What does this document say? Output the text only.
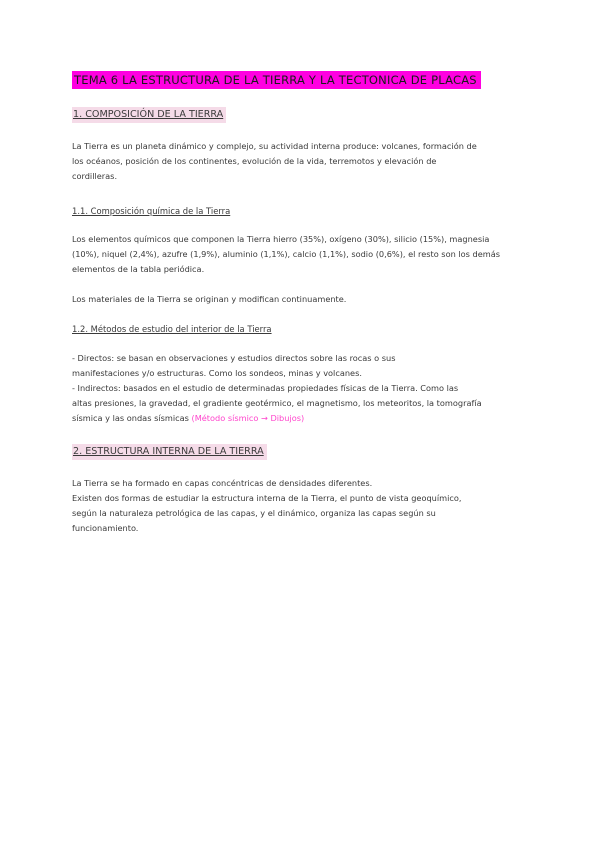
TEMA 6 LA ESTRUCTURA DE LA TIERRA Y LA TECTONICA DE PLACAS
1. COMPOSICIÓN DE LA TIERRA
La Tierra es un planeta dinámico y complejo, su actividad interna produce: volcanes, formación de
los océanos, posición de los continentes, evolución de la vida, terremotos y elevación de
cordilleras.
1.1. Composición química de la Tierra
Los elementos químicos que componen la Tierra hierro (35%), oxígeno (30%), silicio (15%), magnesia
(10%), niquel (2,4%), azufre (1,9%), aluminio (1,1%), calcio (1,1%), sodio (0,6%), el resto son los demás
elementos de la tabla periódica.
Los materiales de la Tierra se originan y modifican continuamente.
1.2. Métodos de estudio del interior de la Tierra
- Directos: se basan en observaciones y estudios directos sobre las rocas o sus
manifestaciones y/o estructuras. Como los sondeos, minas y volcanes.
- Indirectos: basados en el estudio de determinadas propiedades físicas de la Tierra. Como las
altas presiones, la gravedad, el gradiente geotérmico, el magnetismo, los meteoritos, la tomografía
sísmica y las ondas sísmicas (Método sísmico → Dibujos)
2. ESTRUCTURA INTERNA DE LA TIERRA
La Tierra se ha formado en capas concéntricas de densidades diferentes.
Existen dos formas de estudiar la estructura interna de la Tierra, el punto de vista geoquímico,
según la naturaleza petrológica de las capas, y el dinámico, organiza las capas según su
funcionamiento.
